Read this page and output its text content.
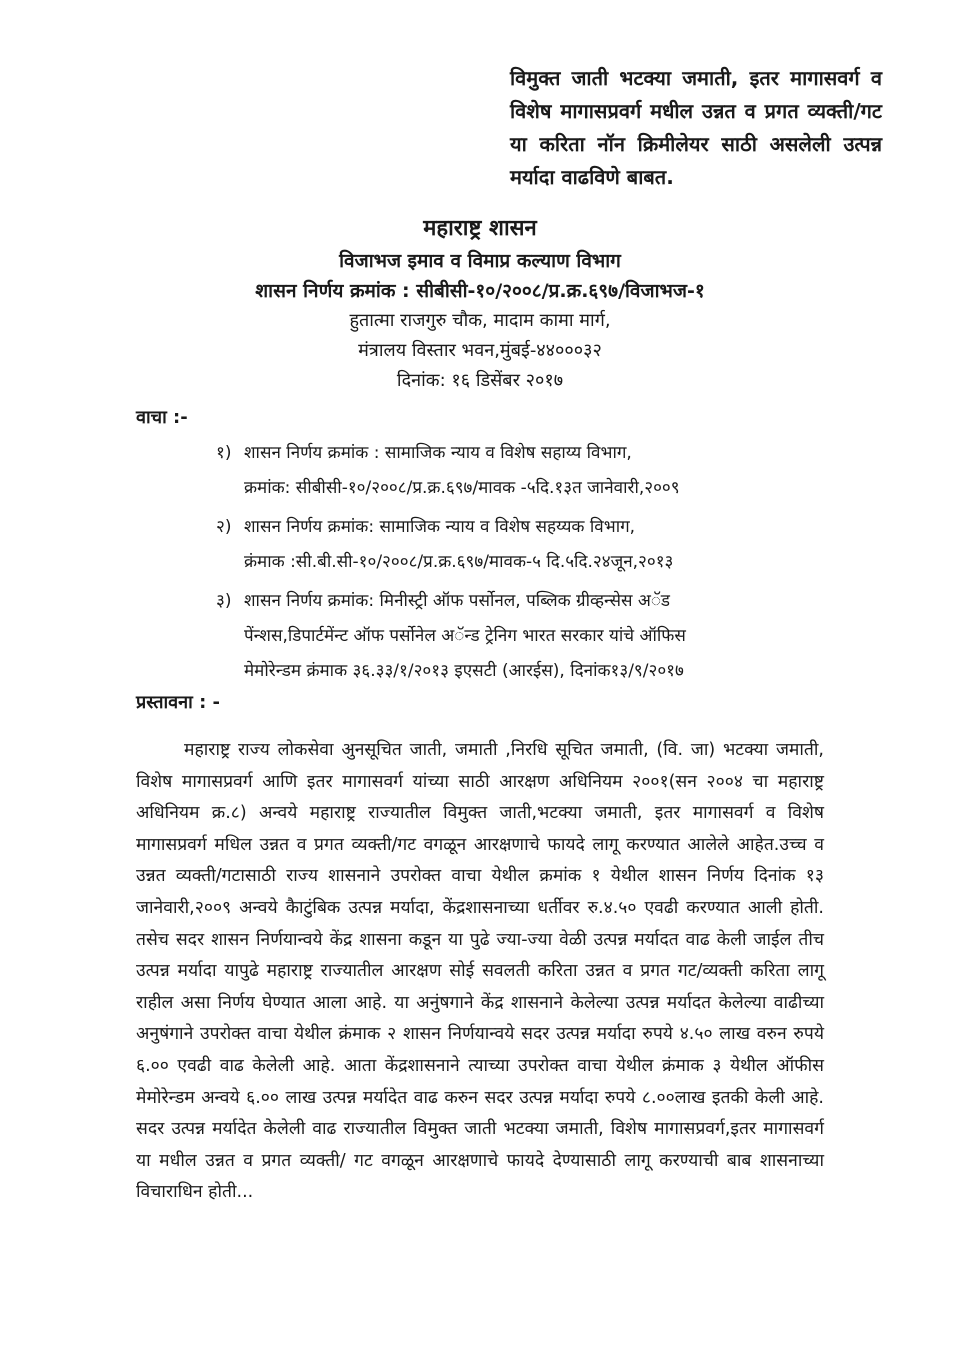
विमुक्त जाती भटक्या जमाती, इतर मागासवर्ग व विशेष मागासप्रवर्ग मधील उन्नत व प्रगत व्यक्ती/गट या करिता नॉन क्रिमीलेयर साठी असलेली उत्पन्न मर्यादा वाढविणे बाबत.
महाराष्ट्र शासन
विजाभज इमाव व विमाप्र कल्याण विभाग
शासन निर्णय क्रमांक : सीबीसी-१०/२००८/प्र.क्र.६९७/विजाभज-१
हुतात्मा राजगुरु चौक, मादाम कामा मार्ग,
मंत्रालय विस्तार भवन,मुंबई-४४०००३२
दिनांक: १६ डिसेंबर २०१७
वाचा :-
१) शासन निर्णय क्रमांक : सामाजिक न्याय व विशेष सहाय्य विभाग,
क्रमांक: सीबीसी-१०/२००८/प्र.क्र.६९७/मावक -५दि.१३त जानेवारी,२००९
२) शासन निर्णय क्रमांक: सामाजिक न्याय व विशेष सहय्यक विभाग,
क्रंमाक :सी.बी.सी-१०/२००८/प्र.क्र.६९७/मावक-५ दि.५दि.२४जून,२०१३
३) शासन निर्णय क्रमांक: मिनीस्ट्री ऑफ पर्सोनल, पब्लिक ग्रीव्हन्सेस अॅड
पेंन्शस,डिपार्टमेंन्ट ऑफ पर्सोनेल अॅन्ड ट्रेनिग भारत सरकार यांचे ऑफिस
मेमोरेन्डम क्रंमाक ३६.३३/१/२०१३ इएसटी (आरईस), दिनांक१३/९/२०१७
प्रस्तावना : -
महाराष्ट्र राज्य लोकसेवा अुनसूचित जाती, जमाती ,निरधि सूचित जमाती, (वि. जा) भटक्या जमाती, विशेष मागासप्रवर्ग आणि इतर मागासवर्ग यांच्या साठी आरक्षण अधिनियम २००१(सन २००४ चा महाराष्ट्र अधिनियम क्र.८) अन्वये महाराष्ट्र राज्यातील विमुक्त जाती,भटक्या जमाती, इतर मागासवर्ग व विशेष मागासप्रवर्ग मधिल उन्नत व प्रगत व्यक्ती/गट वगळून आरक्षणाचे फायदे लागू करण्यात आलेले आहेत.उच्च व उन्नत व्यक्ती/गटासाठी राज्य शासनाने उपरोक्त वाचा येथील क्रमांक १ येथील शासन निर्णय दिनांक १३ जानेवारी,२००९ अन्वये कैाटुंबिक उत्पन्न मर्यादा, केंद्रशासनाच्या धर्तीवर रु.४.५० एवढी करण्यात आली होती. तसेच सदर शासन निर्णयान्वये केंद्र शासना कडून या पुढे ज्या-ज्या वेळी उत्पन्न मर्यादत वाढ केली जाईल तीच उत्पन्न मर्यादा यापुढे महाराष्ट्र राज्यातील आरक्षण सोई सवलती करिता उन्नत व प्रगत गट/व्यक्ती करिता लागू राहील असा निर्णय घेण्यात आला आहे. या अनुंषगाने केंद्र शासनाने केलेल्या उत्पन्न मर्यादत केलेल्या वाढीच्या अनुषंगाने उपरोक्त वाचा येथील क्रंमाक २ शासन निर्णयान्वये सदर उत्पन्न मर्यादा रुपये ४.५० लाख वरुन रुपये ६.०० एवढी वाढ केलेली आहे. आता केंद्रशासनाने त्याच्या उपरोक्त वाचा येथील क्रंमाक ३ येथील ऑफीस मेमोरेन्डम अन्वये ६.०० लाख उत्पन्न मर्यादेत वाढ करुन सदर उत्पन्न मर्यादा रुपये ८.००लाख इतकी केली आहे. सदर उत्पन्न मर्यादेत केलेली वाढ राज्यातील विमुक्त जाती भटक्या जमाती, विशेष मागासप्रवर्ग,इतर मागासवर्ग या मधील उन्नत व प्रगत व्यक्ती/ गट वगळून आरक्षणाचे फायदे देण्यासाठी लागू करण्याची बाब शासनाच्या विचाराधिन होती...
